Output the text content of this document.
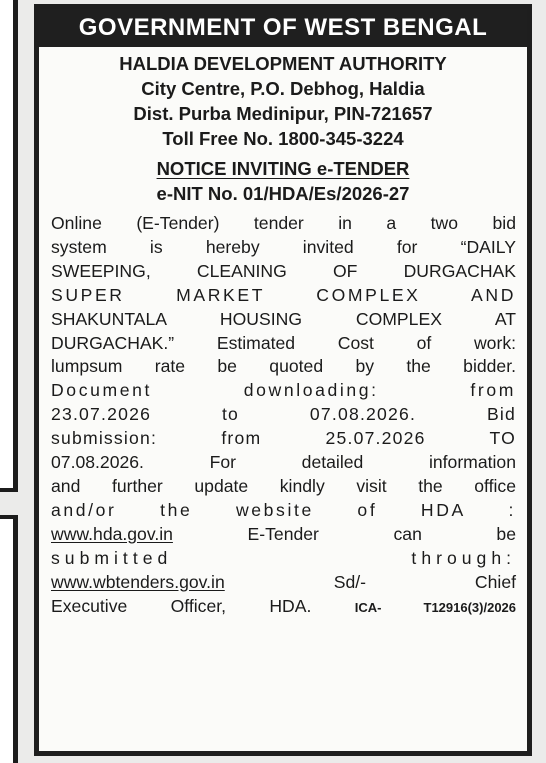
GOVERNMENT OF WEST BENGAL
HALDIA DEVELOPMENT AUTHORITY
City Centre, P.O. Debhog, Haldia
Dist. Purba Medinipur, PIN-721657
Toll Free No. 1800-345-3224
NOTICE INVITING e-TENDER
e-NIT No. 01/HDA/Es/2026-27
Online (E-Tender) tender in a two bid
system is hereby invited for “DAILY
SWEEPING, CLEANING OF DURGACHAK
SUPER MARKET COMPLEX AND
SHAKUNTALA HOUSING COMPLEX AT
DURGACHAK.” Estimated Cost of work:
lumpsum rate be quoted by the bidder.
Document downloading: from
23.07.2026 to 07.08.2026. Bid
submission: from 25.07.2026 TO
07.08.2026. For detailed information
and further update kindly visit the office
and/or the website of HDA :
www.hda.gov.in	E-Tender can be
submitted through:
www.wbtenders.gov.in	Sd/- Chief
Executive Officer, HDA.	ICA- T12916(3)/2026
